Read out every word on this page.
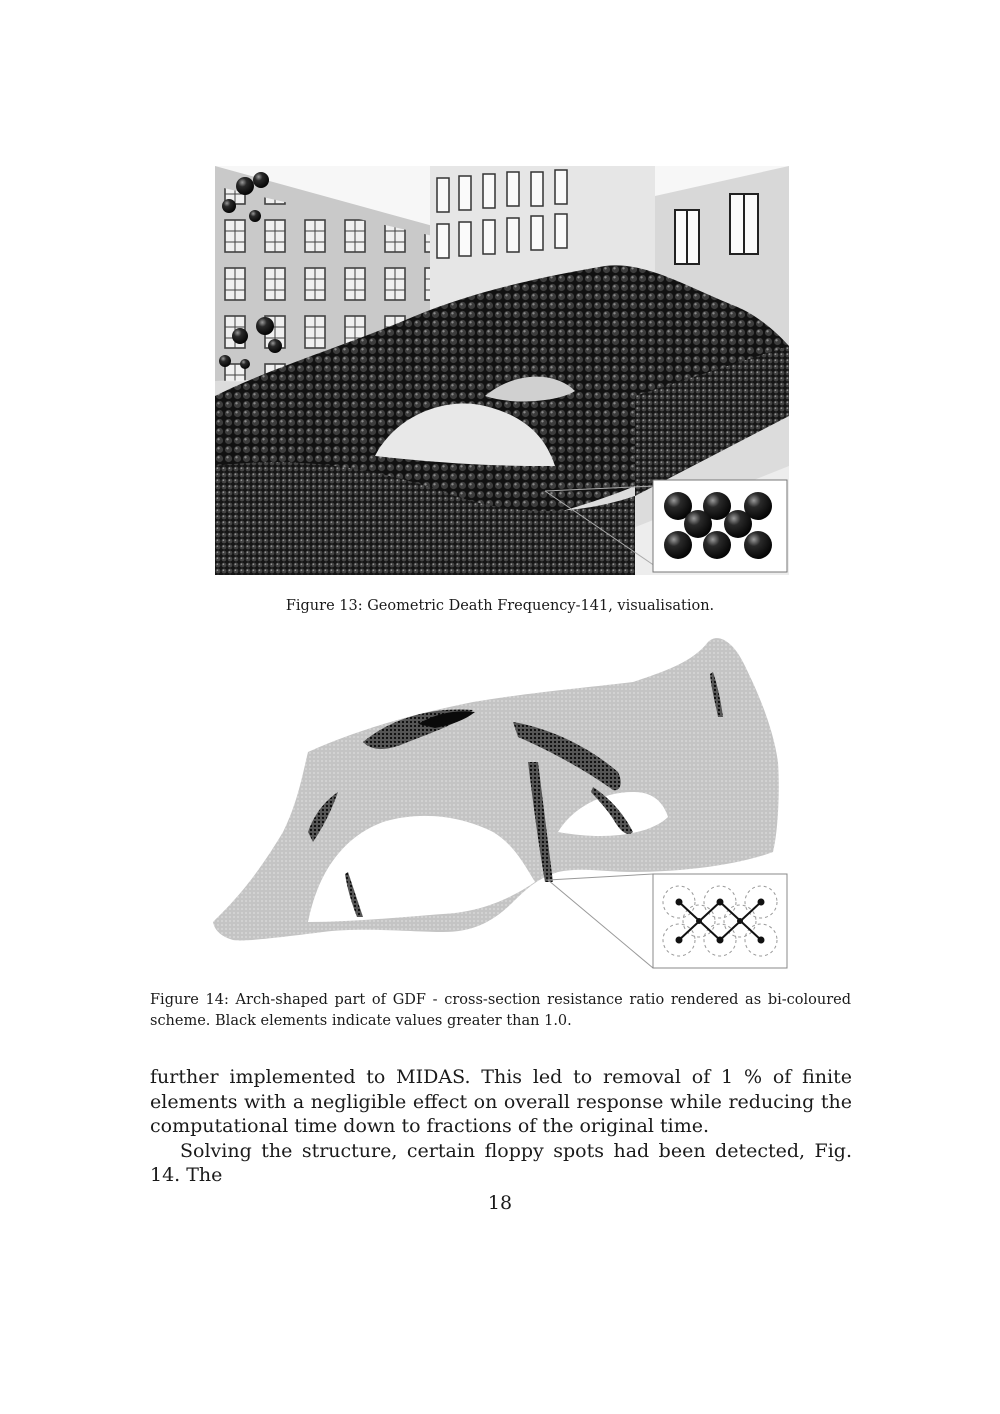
Figure 13: Geometric Death Frequency-141, visualisation.
Figure 14: Arch-shaped part of GDF - cross-section resistance ratio rendered as bi-coloured scheme. Black elements indicate values greater than 1.0.

further implemented to MIDAS. This led to removal of 1 % of finite elements with a negligible effect on overall response while reducing the computational time down to fractions of the original time.

Solving the structure, certain floppy spots had been detected, Fig. 14. The

18
